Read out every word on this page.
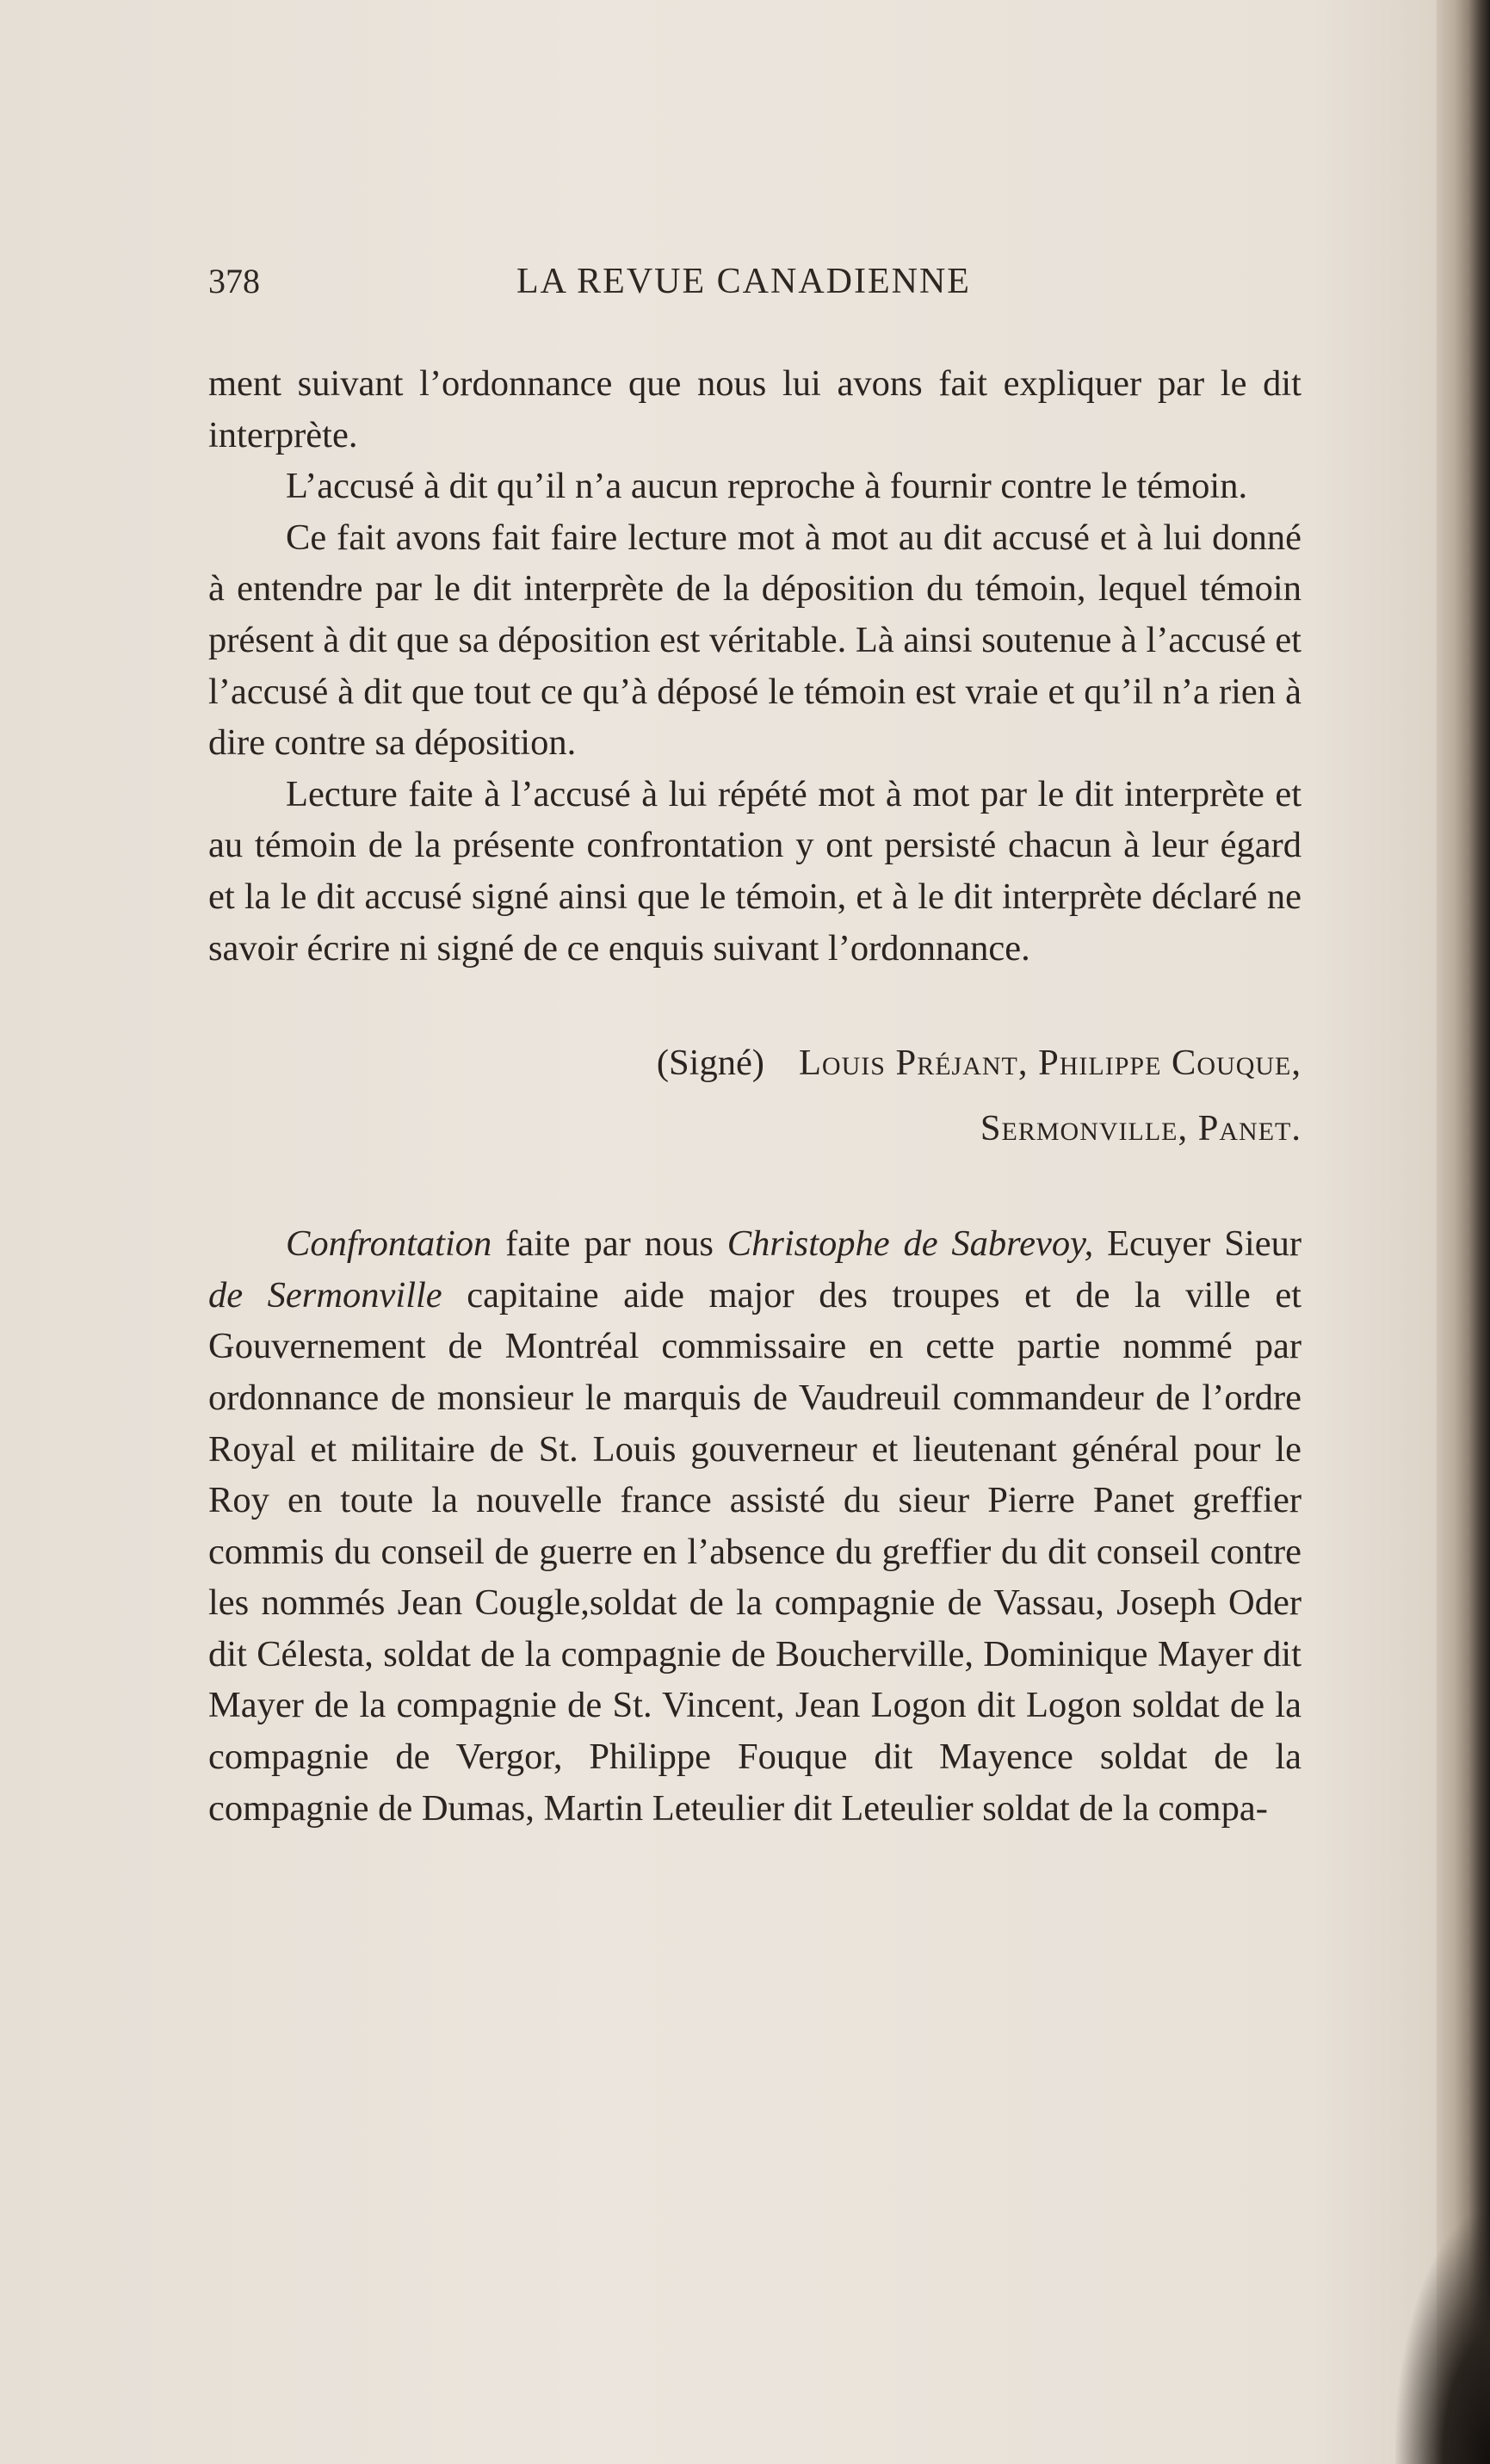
378	LA REVUE CANADIENNE

ment suivant l’ordonnance que nous lui avons fait expliquer par le dit interprète.

L’accusé à dit qu’il n’a aucun reproche à fournir contre le témoin.

Ce fait avons fait faire lecture mot à mot au dit accusé et à lui donné à entendre par le dit interprète de la déposition du témoin, lequel témoin présent à dit que sa déposition est véritable. Là ainsi soutenue à l’accusé et l’accusé à dit que tout ce qu’à déposé le témoin est vraie et qu’il n’a rien à dire contre sa déposition.

Lecture faite à l’accusé à lui répété mot à mot par le dit interprète et au témoin de la présente confrontation y ont persisté chacun à leur égard et la le dit accusé signé ainsi que le témoin, et à le dit interprète déclaré ne savoir écrire ni signé de ce enquis suivant l’ordonnance.

(Signé) Louis Préjant, Philippe Couque,
Sermonville, Panet.

Confrontation faite par nous Christophe de Sabrevoy, Ecuyer Sieur de Sermonville capitaine aide major des troupes et de la ville et Gouvernement de Montréal commissaire en cette partie nommé par ordonnance de monsieur le marquis de Vaudreuil commandeur de l’ordre Royal et militaire de St. Louis gouverneur et lieutenant général pour le Roy en toute la nouvelle france assisté du sieur Pierre Panet greffier commis du conseil de guerre en l’absence du greffier du dit conseil contre les nommés Jean Cougle,soldat de la compagnie de Vassau, Joseph Oder dit Célesta, soldat de la compagnie de Boucherville, Dominique Mayer dit Mayer de la compagnie de St. Vincent, Jean Logon dit Logon soldat de la compagnie de Vergor, Philippe Fouque dit Mayence soldat de la compagnie de Dumas, Martin Leteulier dit Leteulier soldat de la compa-
